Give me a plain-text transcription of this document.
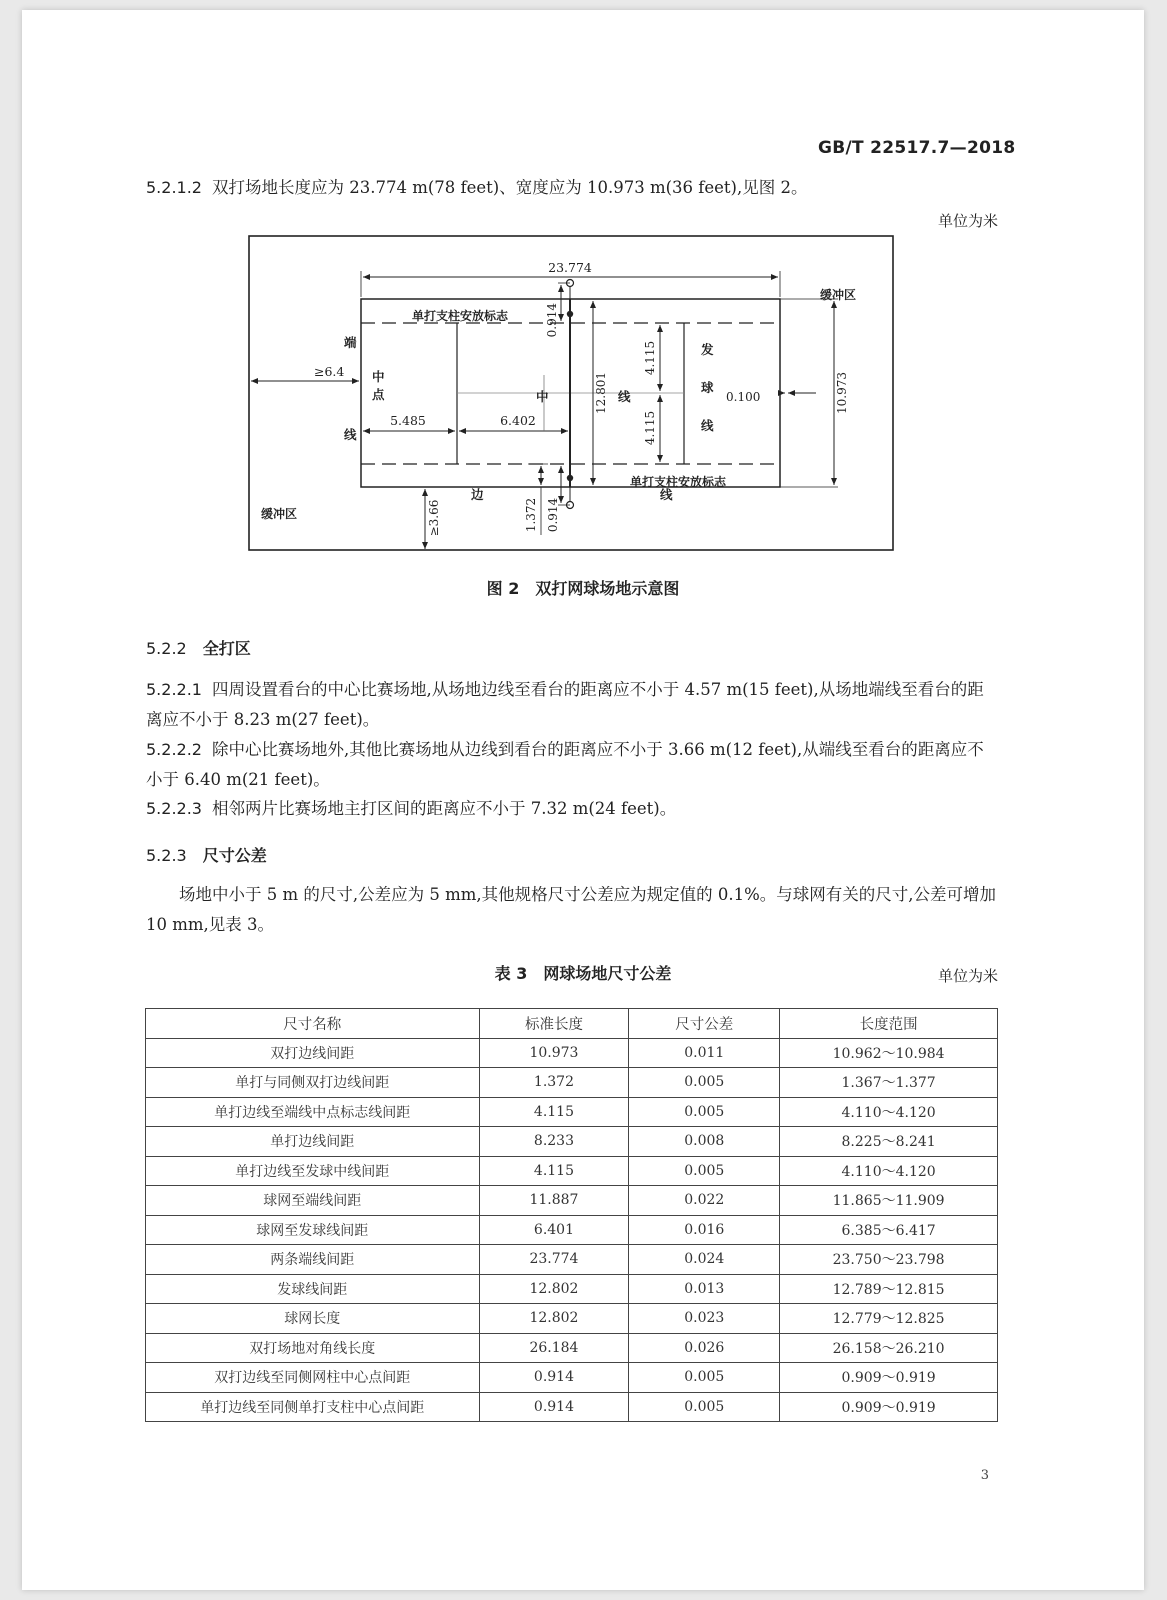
GB/T 22517.7—2018
5.2.1.2 双打场地长度应为 23.774 m(78 feet)、宽度应为 10.973 m(36 feet),见图 2。
单位为米
23.774
缓冲区
缓冲区
单打支柱安放标志
单打支柱安放标志
0.914
4.115
4.115
发
球
线
端
线
中
点	中	线
≥6.4
5.485	6.402
12.801	0.100	10.973
≥3.66
边	线
1.372 0.914
图 2　双打网球场地示意图
5.2.2 全打区
5.2.2.1 四周设置看台的中心比赛场地,从场地边线至看台的距离应不小于 4.57 m(15 feet),从场地端线至看台的距离应不小于 8.23 m(27 feet)。
5.2.2.2 除中心比赛场地外,其他比赛场地从边线到看台的距离应不小于 3.66 m(12 feet),从端线至看台的距离应不小于 6.40 m(21 feet)。
5.2.2.3 相邻两片比赛场地主打区间的距离应不小于 7.32 m(24 feet)。
5.2.3 尺寸公差
场地中小于 5 m 的尺寸,公差应为 5 mm,其他规格尺寸公差应为规定值的 0.1%。与球网有关的尺寸,公差可增加 10 mm,见表 3。
表 3　网球场地尺寸公差	单位为米
尺寸名称	标准长度	尺寸公差	长度范围
双打边线间距	10.973	0.011	10.962～10.984
单打与同侧双打边线间距	1.372	0.005	1.367～1.377
单打边线至端线中点标志线间距	4.115	0.005	4.110～4.120
单打边线间距	8.233	0.008	8.225～8.241
单打边线至发球中线间距	4.115	0.005	4.110～4.120
球网至端线间距	11.887	0.022	11.865～11.909
球网至发球线间距	6.401	0.016	6.385～6.417
两条端线间距	23.774	0.024	23.750～23.798
发球线间距	12.802	0.013	12.789～12.815
球网长度	12.802	0.023	12.779～12.825
双打场地对角线长度	26.184	0.026	26.158～26.210
双打边线至同侧网柱中心点间距	0.914	0.005	0.909～0.919
单打边线至同侧单打支柱中心点间距	0.914	0.005	0.909～0.919
3
